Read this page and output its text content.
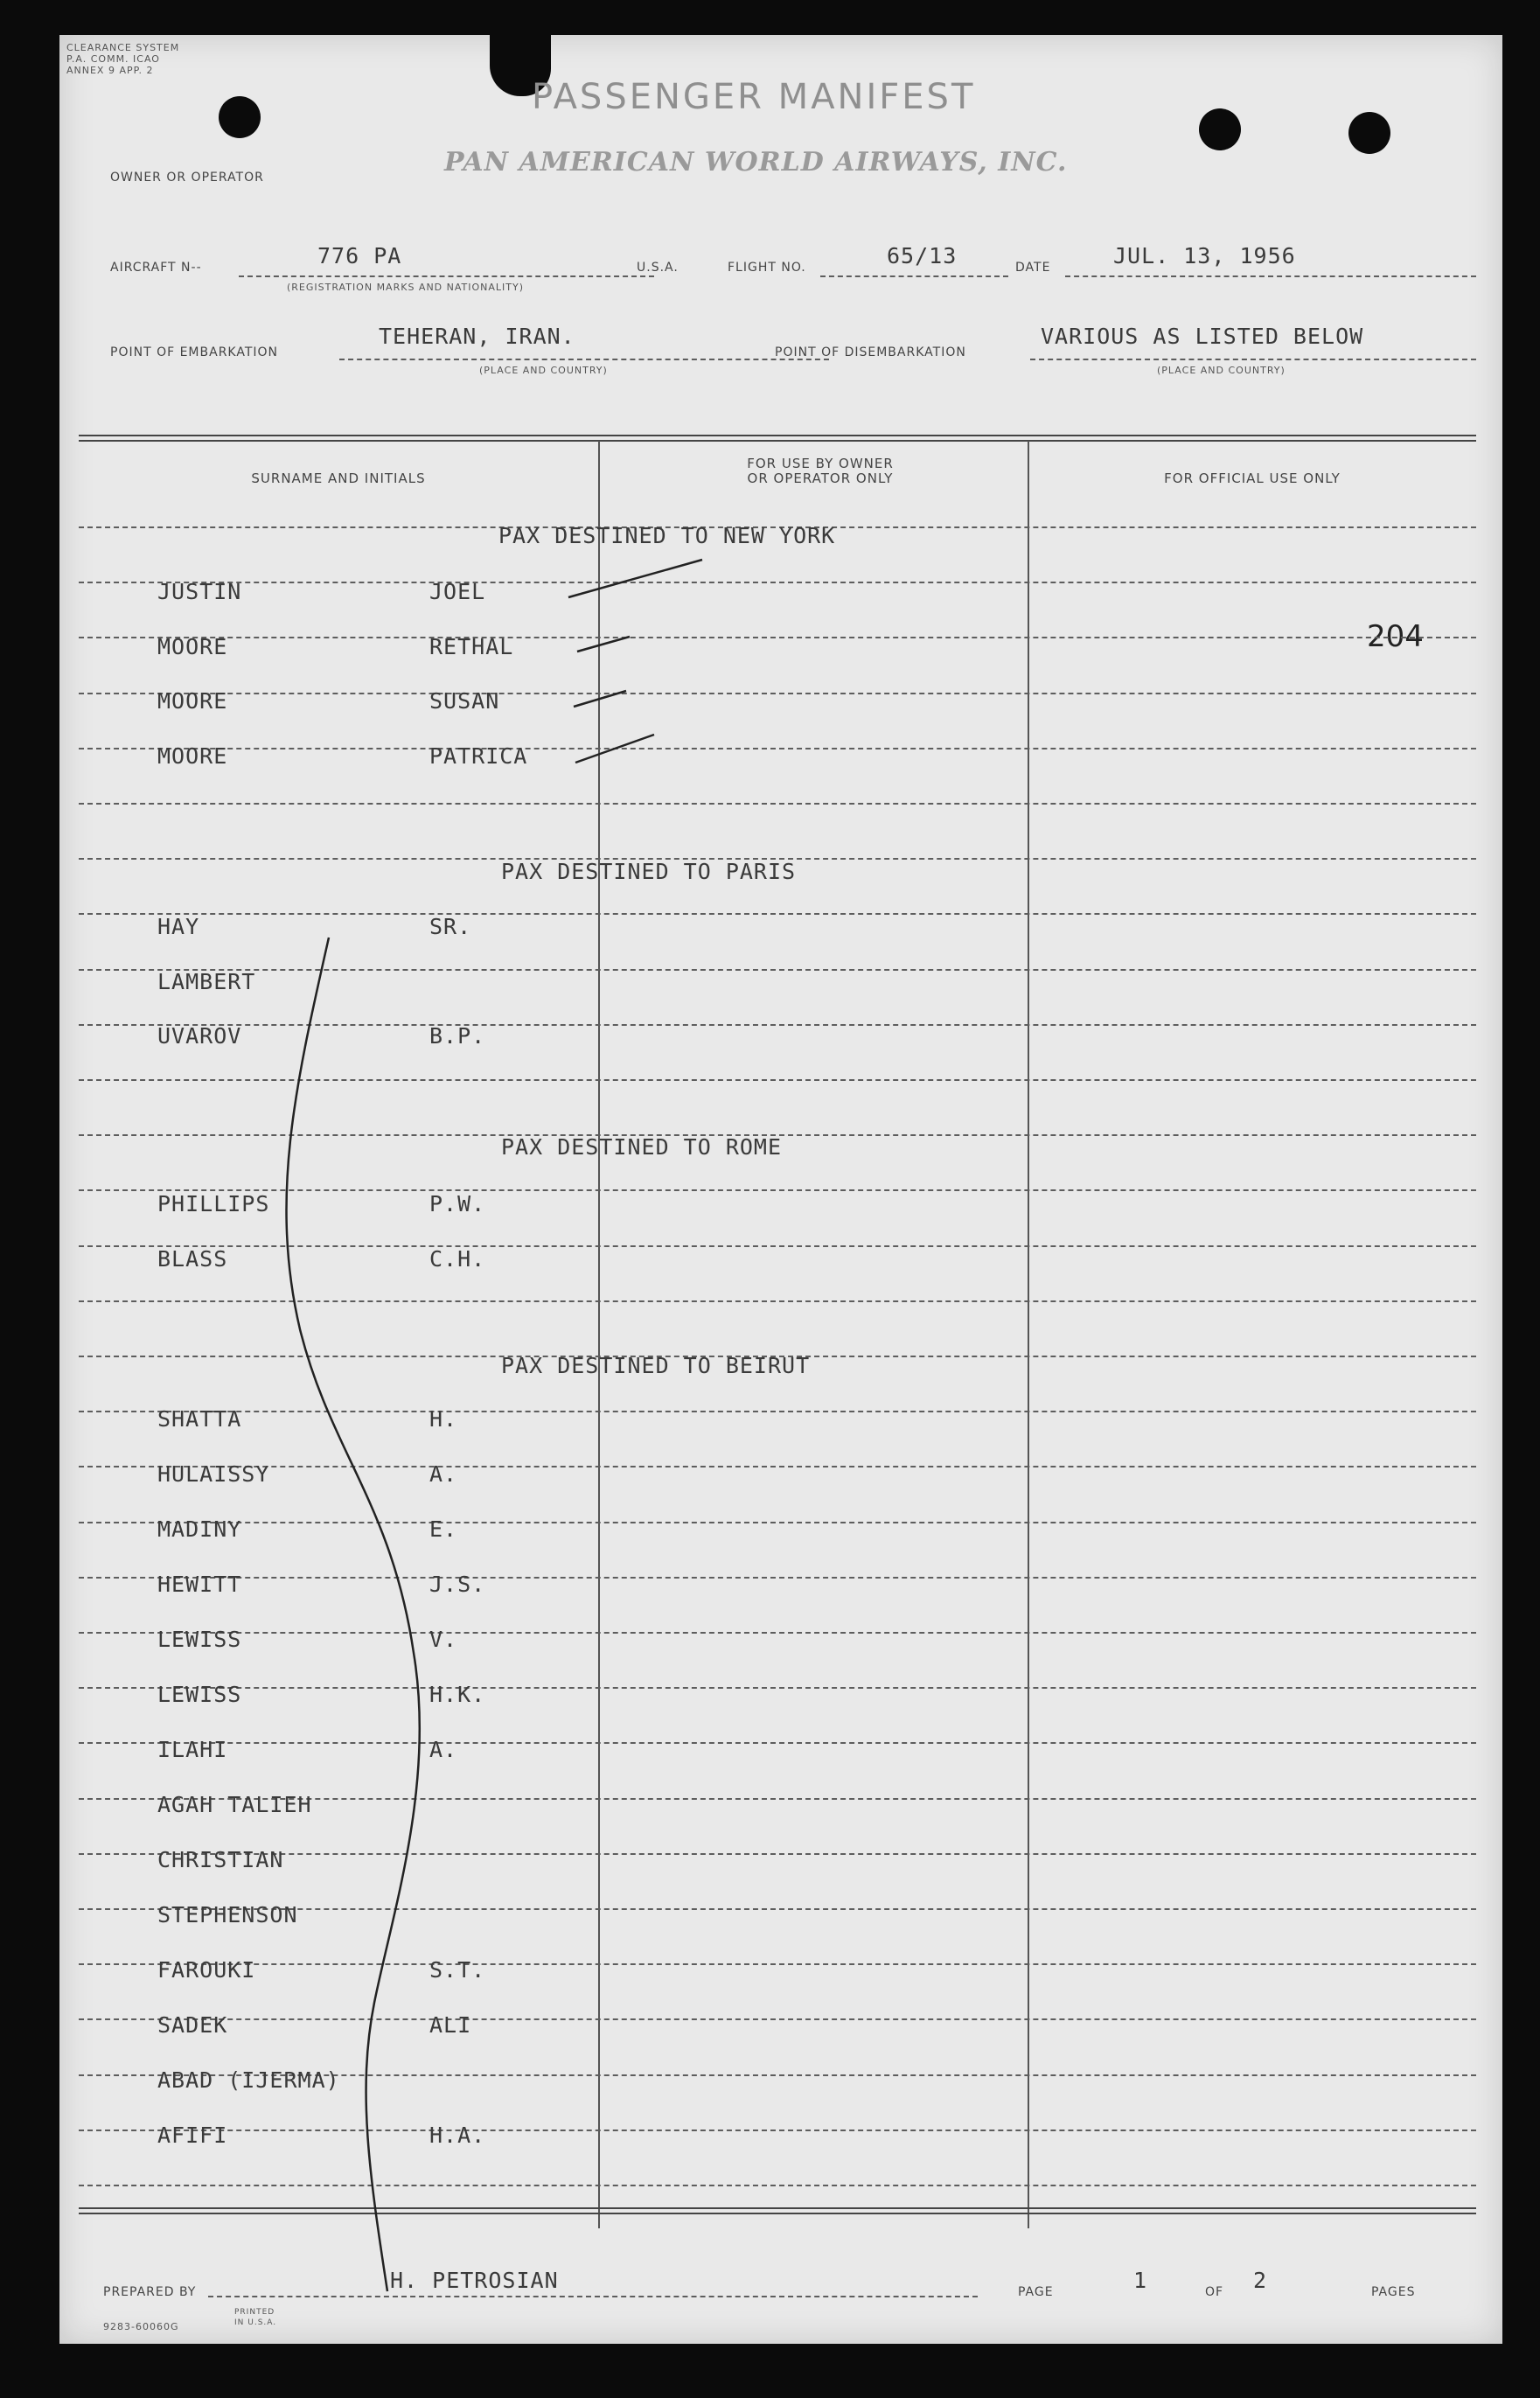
CLEARANCE SYSTEM P.A. COMM. ICAO ANNEX 9 APP. 2
PASSENGER MANIFEST
OWNER OR OPERATOR	PAN AMERICAN WORLD AIRWAYS, INC.
AIRCRAFT N--	776 PA
(REGISTRATION MARKS AND NATIONALITY)
U.S.A.	FLIGHT NO.	65/13	DATE	JUL. 13, 1956
POINT OF EMBARKATION
TEHERAN, IRAN.
(PLACE AND COUNTRY)
POINT OF DISEMBARKATION
VARIOUS AS LISTED BELOW
(PLACE AND COUNTRY)
SURNAME AND INITIALS
FOR USE BY OWNER OR OPERATOR ONLY	FOR OFFICIAL USE ONLY
204
PAX DESTINED TO NEW YORK
PAX DESTINED TO PARIS
PAX DESTINED TO ROME
PAX DESTINED TO BEIRUT
JUSTIN	JOEL
MOORE	RETHAL
MOORE	SUSAN
MOORE	PATRICA
HAY	SR.
LAMBERT
UVAROV	B.P.
PHILLIPS	P.W.
BLASS	C.H.
SHATTA	H.
HULAISSY	A.
MADINY	E.
HEWITT	J.S.
LEWISS	V.
LEWISS	H.K.
ILAHI	A.
AGAH TALIEH
CHRISTIAN
STEPHENSON
FAROUKI	S.T.
SADEK	ALI
ABAD (IJERMA)
AFIFI	H.A.
PREPARED BY	H. PETROSIAN	PAGE	1	OF 2	PAGES
9283-60060G
PRINTED IN U.S.A.
